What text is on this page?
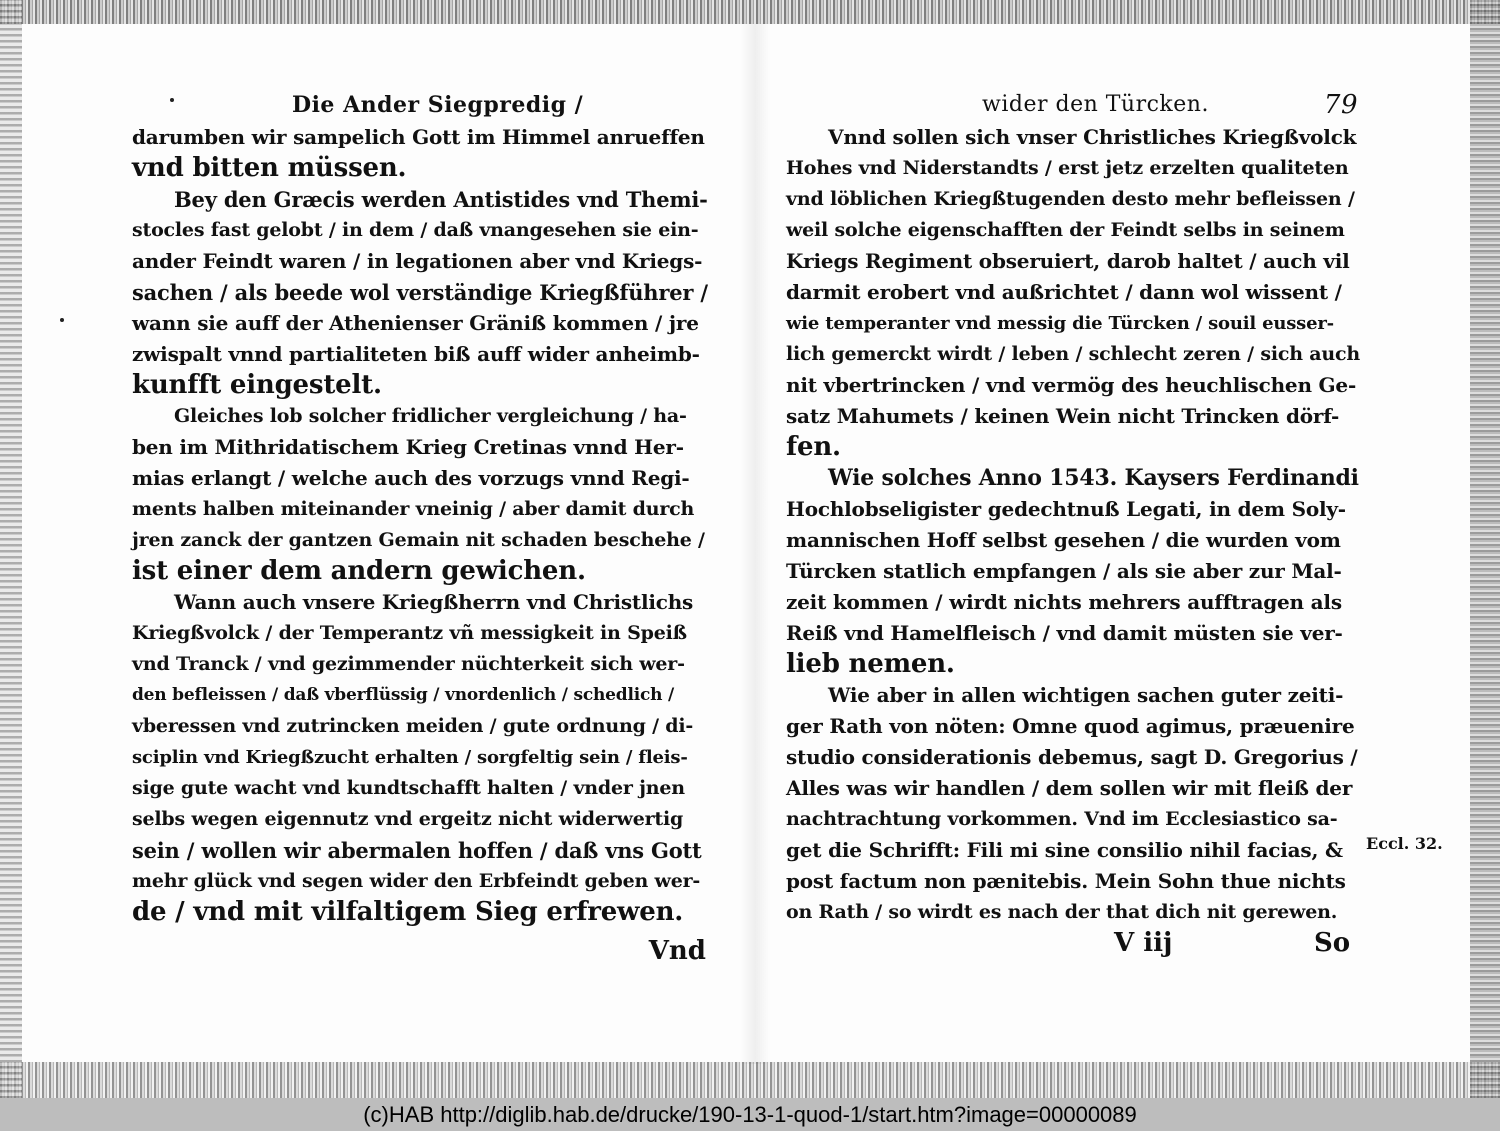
Die Ander Siegpredig /
darumben wir sampelich Gott im Himmel anrueffen
vnd bitten müssen.
Bey den Græcis werden Antistides vnd Themi-
stocles fast gelobt / in dem / daß vnangesehen sie ein-
ander Feindt waren / in legationen aber vnd Kriegs-
sachen / als beede wol verständige Kriegßführer /
wann sie auff der Athenienser Gräniß kommen / jre
zwispalt vnnd partialiteten biß auff wider anheimb-
kunfft eingestelt.
Gleiches lob solcher fridlicher vergleichung / ha-
ben im Mithridatischem Krieg Cretinas vnnd Her-
mias erlangt / welche auch des vorzugs vnnd Regi-
ments halben miteinander vneinig / aber damit durch
jren zanck der gantzen Gemain nit schaden beschehe /
ist einer dem andern gewichen.
Wann auch vnsere Kriegßherrn vnd Christlichs
Kriegßvolck / der Temperantz vñ messigkeit in Speiß
vnd Tranck / vnd gezimmender nüchterkeit sich wer-
den befleissen / daß vberflüssig / vnordenlich / schedlich /
vberessen vnd zutrincken meiden / gute ordnung / di-
sciplin vnd Kriegßzucht erhalten / sorgfeltig sein / fleis-
sige gute wacht vnd kundtschafft halten / vnder jnen
selbs wegen eigennutz vnd ergeitz nicht widerwertig
sein / wollen wir abermalen hoffen / daß vns Gott
mehr glück vnd segen wider den Erbfeindt geben wer-
de / vnd mit vilfaltigem Sieg erfrewen.
Vnd
wider den Türcken.	79
Vnnd sollen sich vnser Christliches Kriegßvolck
Hohes vnd Niderstandts / erst jetz erzelten qualiteten
vnd löblichen Kriegßtugenden desto mehr befleissen /
weil solche eigenschafften der Feindt selbs in seinem
Kriegs Regiment obseruiert, darob haltet / auch vil
darmit erobert vnd außrichtet / dann wol wissent /
wie temperanter vnd messig die Türcken / souil eusser-
lich gemerckt wirdt / leben / schlecht zeren / sich auch
nit vbertrincken / vnd vermög des heuchlischen Ge-
satz Mahumets / keinen Wein nicht Trincken dörf-
fen.
Wie solches Anno 1543. Kaysers Ferdinandi
Hochlobseligister gedechtnuß Legati, in dem Soly-
mannischen Hoff selbst gesehen / die wurden vom
Türcken statlich empfangen / als sie aber zur Mal-
zeit kommen / wirdt nichts mehrers aufftragen als
Reiß vnd Hamelfleisch / vnd damit müsten sie ver-
lieb nemen.
Wie aber in allen wichtigen sachen guter zeiti-
ger Rath von nöten: Omne quod agimus, præuenire
studio considerationis debemus, sagt D. Gregorius /
Alles was wir handlen / dem sollen wir mit fleiß der
nachtrachtung vorkommen. Vnd im Ecclesiastico sa-
get die Schrifft: Fili mi sine consilio nihil facias, &
post factum non pænitebis. Mein Sohn thue nichts
on Rath / so wirdt es nach der that dich nit gerewen.
V iij	So
Eccl. 32.
(c)HAB http://diglib.hab.de/drucke/190-13-1-quod-1/start.htm?image=00000089
